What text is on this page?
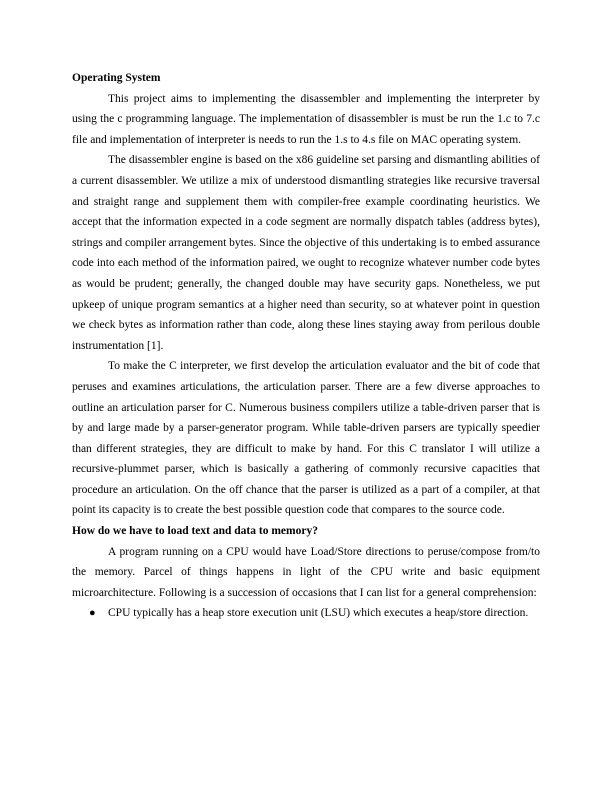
Operating System

This project aims to implementing the disassembler and implementing the interpreter by using the c programming language. The implementation of disassembler is must be run the 1.c to 7.c file and implementation of interpreter is needs to run the 1.s to 4.s file on MAC operating system.

The disassembler engine is based on the x86 guideline set parsing and dismantling abilities of a current disassembler. We utilize a mix of understood dismantling strategies like recursive traversal and straight range and supplement them with compiler-free example coordinating heuristics. We accept that the information expected in a code segment are normally dispatch tables (address bytes), strings and compiler arrangement bytes. Since the objective of this undertaking is to embed assurance code into each method of the information paired, we ought to recognize whatever number code bytes as would be prudent; generally, the changed double may have security gaps. Nonetheless, we put upkeep of unique program semantics at a higher need than security, so at whatever point in question we check bytes as information rather than code, along these lines staying away from perilous double instrumentation [1].

To make the C interpreter, we first develop the articulation evaluator and the bit of code that peruses and examines articulations, the articulation parser. There are a few diverse approaches to outline an articulation parser for C. Numerous business compilers utilize a table-driven parser that is by and large made by a parser-generator program. While table-driven parsers are typically speedier than different strategies, they are difficult to make by hand. For this C translator I will utilize a recursive-plummet parser, which is basically a gathering of commonly recursive capacities that procedure an articulation. On the off chance that the parser is utilized as a part of a compiler, at that point its capacity is to create the best possible question code that compares to the source code.

How do we have to load text and data to memory?

A program running on a CPU would have Load/Store directions to peruse/compose from/to the memory. Parcel of things happens in light of the CPU write and basic equipment microarchitecture. Following is a succession of occasions that I can list for a general comprehension:

● CPU typically has a heap store execution unit (LSU) which executes a heap/store direction.
